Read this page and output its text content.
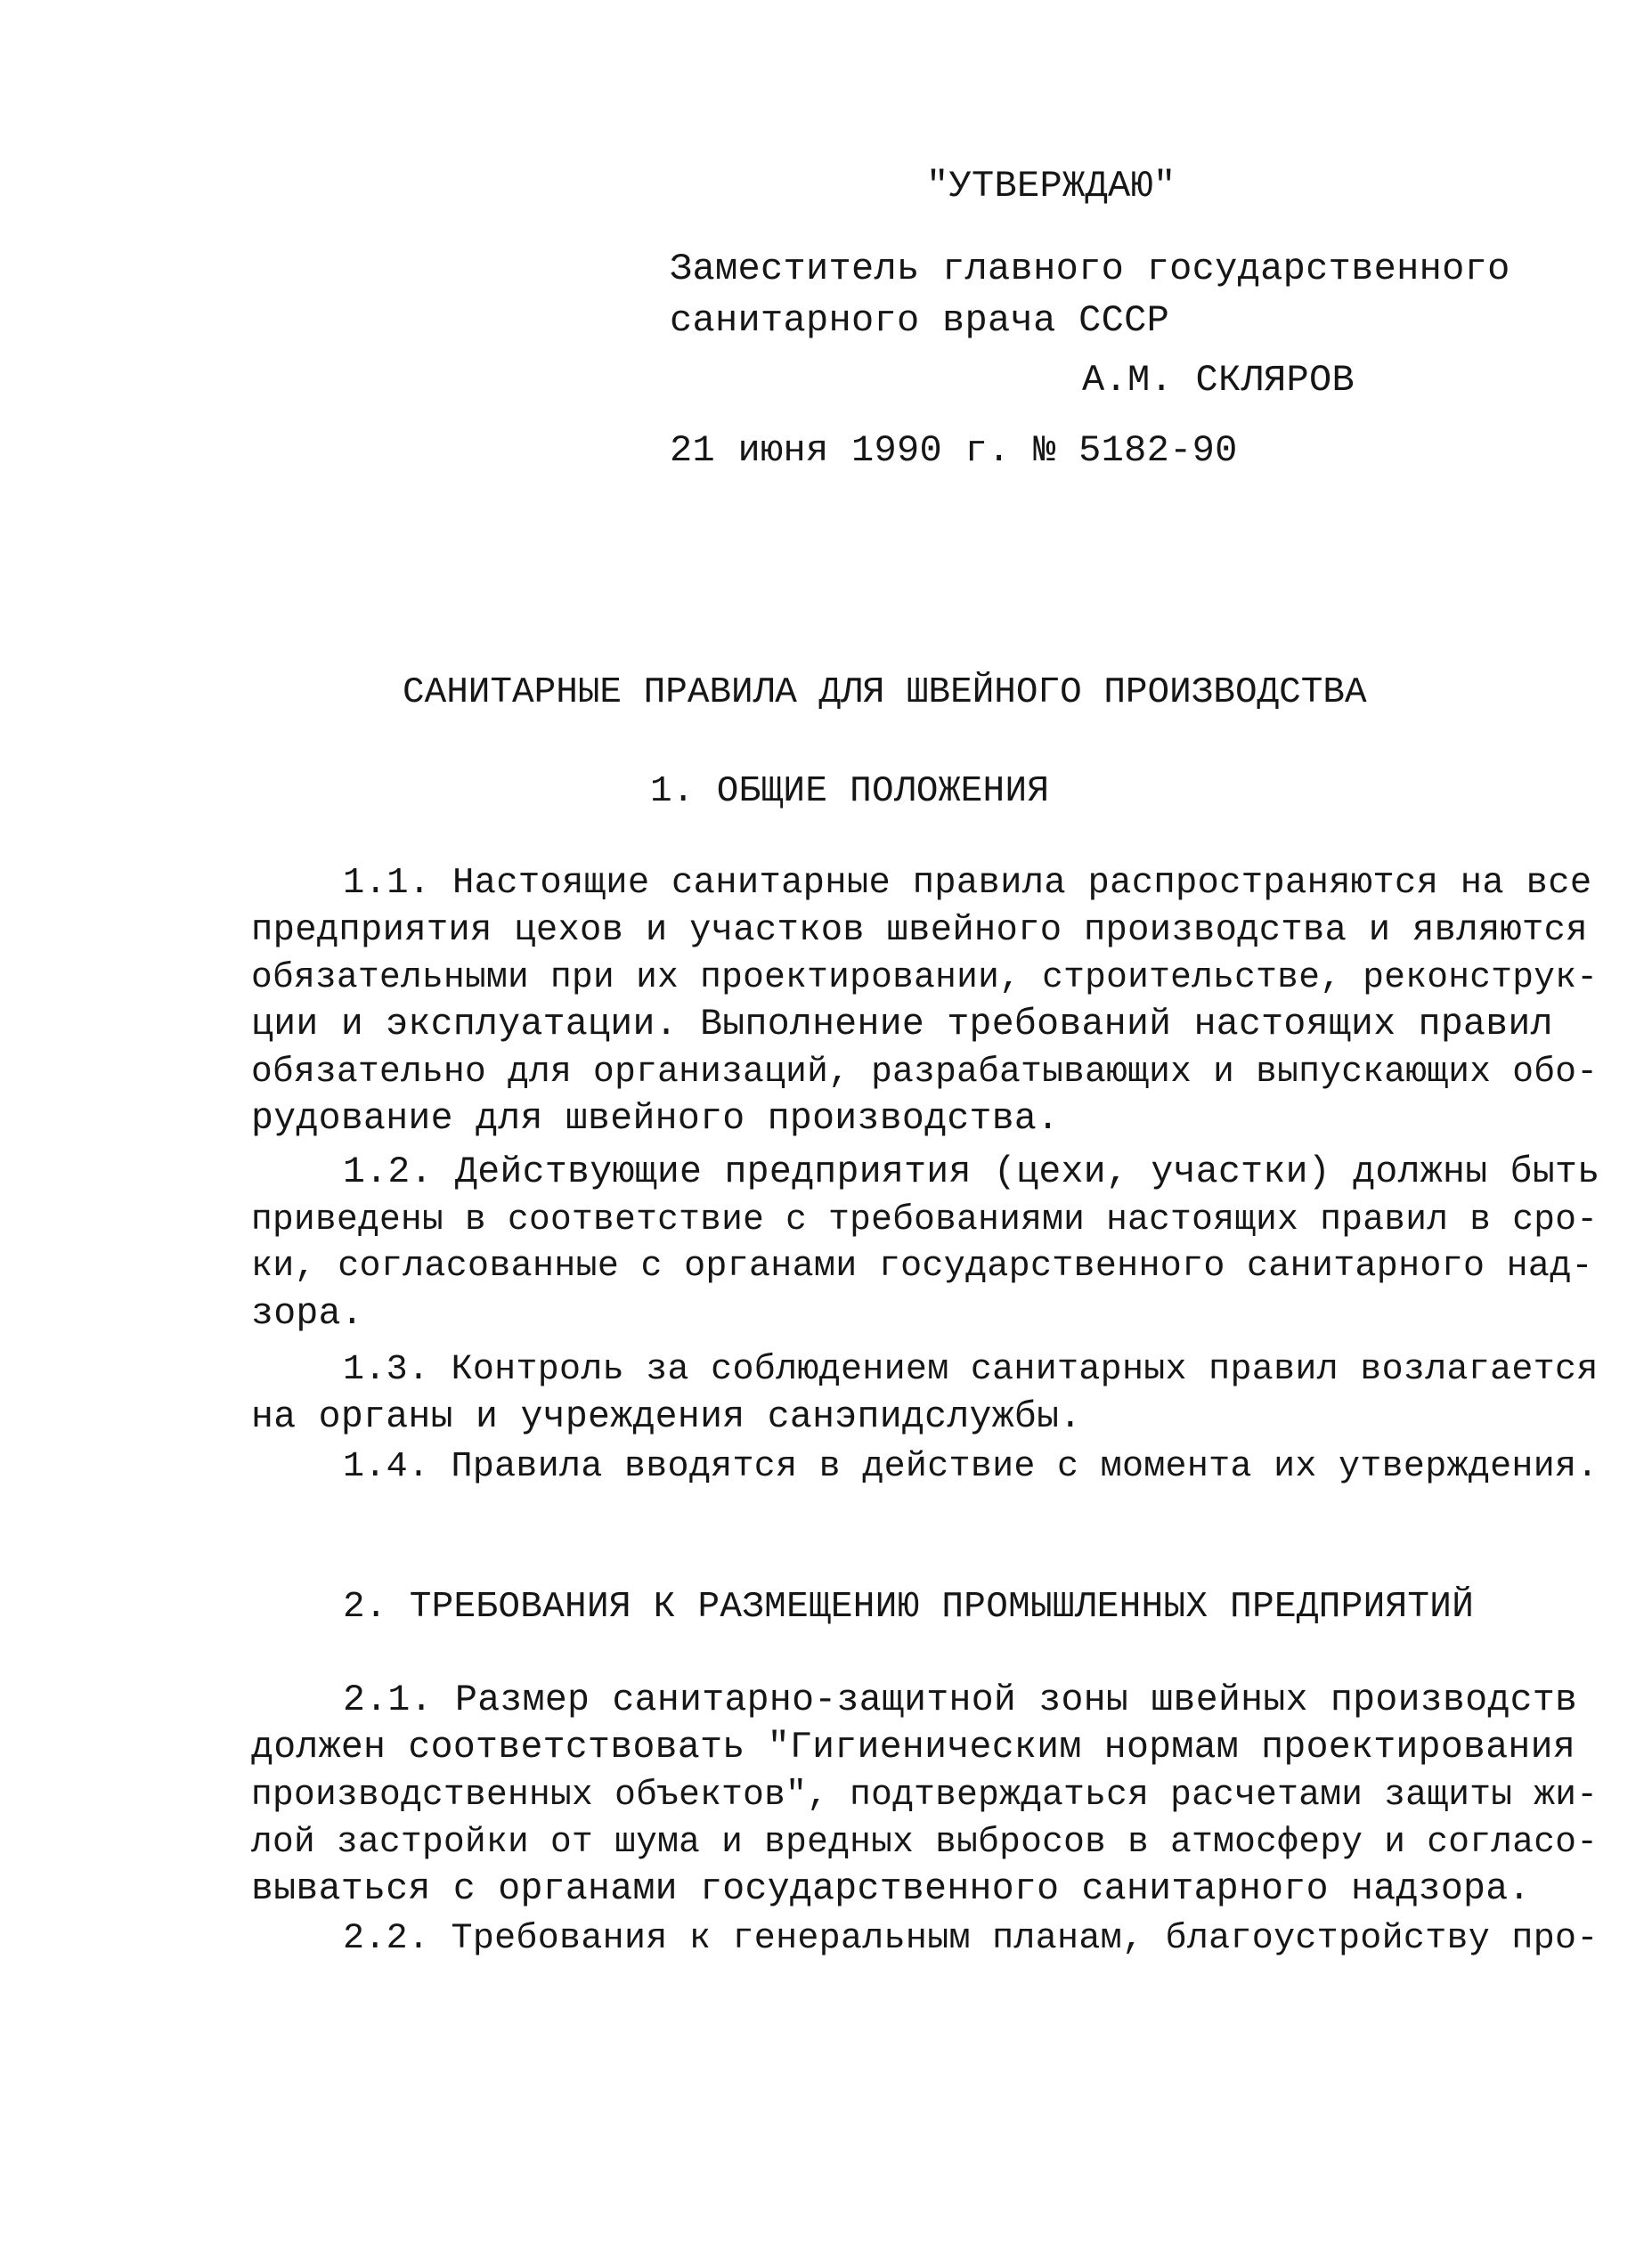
"УТВЕРЖДАЮ"
Заместитель главного государственного
санитарного врача СССР
А.М. СКЛЯРОВ
21 июня 1990 г. № 5182-90
САНИТАРНЫЕ ПРАВИЛА ДЛЯ ШВЕЙНОГО ПРОИЗВОДСТВА
1. ОБЩИЕ ПОЛОЖЕНИЯ
1.1. Настоящие санитарные правила распространяются на все
предприятия цехов и участков швейного производства и являются
обязательными при их проектировании, строительстве, реконструк-
ции и эксплуатации. Выполнение требований настоящих правил
обязательно для организаций, разрабатывающих и выпускающих обо-
рудование для швейного производства.
1.2. Действующие предприятия (цехи, участки) должны быть
приведены в соответствие с требованиями настоящих правил в сро-
ки, согласованные с органами государственного санитарного над-
зора.
1.3. Контроль за соблюдением санитарных правил возлагается
на органы и учреждения санэпидслужбы.
1.4. Правила вводятся в действие с момента их утверждения.
2. ТРЕБОВАНИЯ К РАЗМЕЩЕНИЮ ПРОМЫШЛЕННЫХ ПРЕДПРИЯТИЙ
2.1. Размер санитарно-защитной зоны швейных производств
должен соответствовать "Гигиеническим нормам проектирования
производственных объектов", подтверждаться расчетами защиты жи-
лой застройки от шума и вредных выбросов в атмосферу и согласо-
вываться с органами государственного санитарного надзора.
2.2. Требования к генеральным планам, благоустройству про-
